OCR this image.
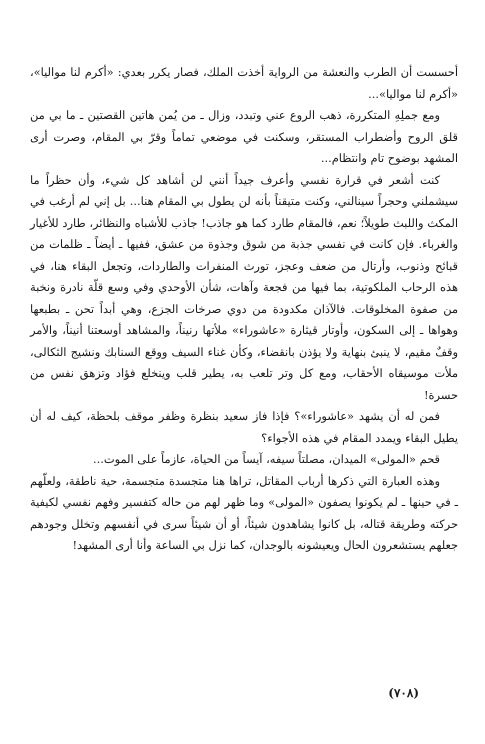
أحسست أن الطرب والنعشة من الرواية أخذت الملك، فصار يكرر بعدي: «أكرم لنا مواليا»، «أكرم لنا مواليا»...

ومع جملِهِ المتكررة، ذهب الروع عني وتبدد، وزال ـ من يُمن هاتين القصتين ـ ما بي من قلق الروح وأضطراب المستقر، وسكنت في موضعي تماماً وقرّ بي المقام، وصرت أرى المشهد بوضوح تام وانتظام...

كنت أشعر في قرارة نفسي وأعرف جيداً أنني لن أشاهد كل شيء، وأن حظراً ما سيشملني وحجراً سينالني، وكنت متيقناً بأنه لن يطول بي المقام هنا... بل إني لم أرغب في المكث واللبث طويلاً؛ نعم، فالمقام طارد كما هو جاذب! جاذب للأشباه والنظائر، طارد للأغيار والغرباء. فإن كانت في نفسي جذبة من شوق وجذوة من عشق، ففيها ـ أيضاً ـ ظلمات من قبائح وذنوب، وأرتال من ضعف وعجز، تورث المنفرات والطاردات، وتجعل البقاء هنا، في هذه الرحاب الملكوتية، بما فيها من فجعة وآهات، شأن الأوحدي وفي وسع قلّة نادرة ونخبة من صفوة المخلوقات. فالآذان مكدودة من دوي صرخات الجزع، وهي أبداً تحن ـ بطبعها وهواها ـ إلى السكون، وأوتار قيثارة «عاشوراء» ملأتها رنيناً، والمشاهد أوسعتنا أنيناً، والأمر وقفٌ مقيم، لا ينبئ بنهاية ولا يؤذن بانقضاء، وكأن غناء السيف ووقع السنابك ونشيج الثكالى، ملأت موسيقاه الأحقاب، ومع كل وتر تلعب به، يطير قلب وينخلع فؤاد وتزهق نفس من حسرة!

فمن له أن يشهد «عاشوراء»؟ فإذا فاز سعيد بنظرة وظفر موقف بلحظة، كيف له أن يطيل البقاء ويمدد المقام في هذه الأجواء؟

قحم «المولى» الميدان، مصلتاً سيفه، آيساً من الحياة، عازماً على الموت...

وهذه العبارة التي ذكرها أرباب المقاتل، تراها هنا متجسدة متجسمة، حية ناطقة، ولعلّهم ـ في حينها ـ لم يكونوا يصفون «المولى» وما ظهر لهم من حاله كتفسير وفهم نفسي لكيفية حركته وطريقة قتاله، بل كانوا يشاهدون شيئاً، أو أن شيئاً سرى في أنفسهم وتخلل وجودهم جعلهم يستشعرون الحال ويعيشونه بالوجدان، كما نزل بي الساعة وأنا أرى المشهد!

(٧٠٨)
